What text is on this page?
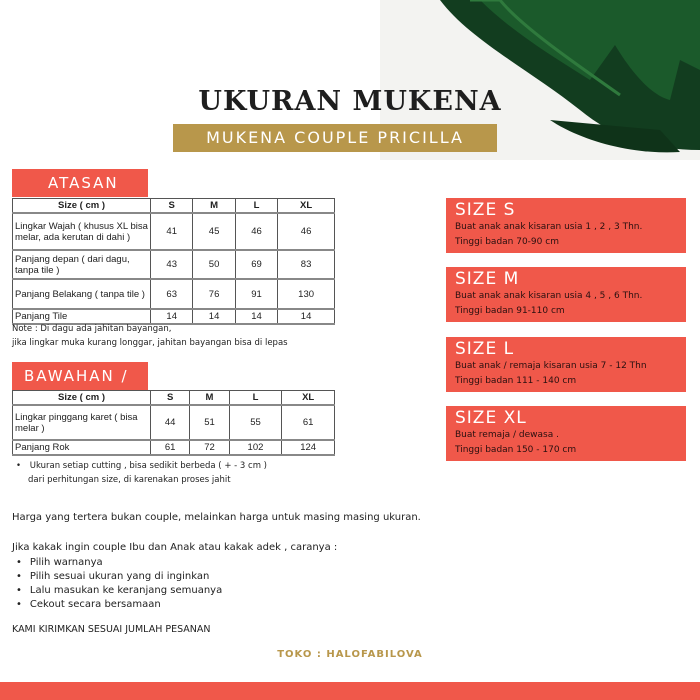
UKURAN MUKENA
MUKENA COUPLE PRICILLA
ATASAN
Size ( cm )	S	M	L	XL
Lingkar Wajah ( khusus XL bisa melar, ada kerutan di dahi )	41	45	46	46
Panjang depan ( dari dagu, tanpa tile )	43	50	69	83
Panjang Belakang ( tanpa tile )	63	76	91	130
Panjang Tile	14	14	14	14
Note : Di dagu ada jahitan bayangan,
jika lingkar muka kurang longgar, jahitan bayangan bisa di lepas
BAWAHAN / ROK
Size ( cm )	S	M	L	XL
Lingkar pinggang karet ( bisa melar )	44	51	55	61
Panjang Rok	61	72	102	124
• Ukuran setiap cutting , bisa sedikit berbeda ( + - 3 cm )
dari perhitungan size, di karenakan proses jahit
SIZE S

Buat anak anak kisaran usia 1 , 2 , 3 Thn.

Tinggi badan 70-90 cm

SIZE M

Buat anak anak kisaran usia 4 , 5 , 6 Thn.

Tinggi badan 91-110 cm

SIZE L

Buat anak / remaja kisaran usia 7 - 12 Thn

Tinggi badan 111 - 140 cm

SIZE XL

Buat remaja / dewasa .

Tinggi badan 150 - 170 cm

Harga yang tertera bukan couple, melainkan harga untuk masing masing ukuran.
Jika kakak ingin couple Ibu dan Anak atau kakak adek , caranya :
• Pilih warnanya
• Pilih sesuai ukuran yang di inginkan
• Lalu masukan ke keranjang semuanya
• Cekout secara bersamaan
KAMI KIRIMKAN SESUAI JUMLAH PESANAN
TOKO : HALOFABILOVA
